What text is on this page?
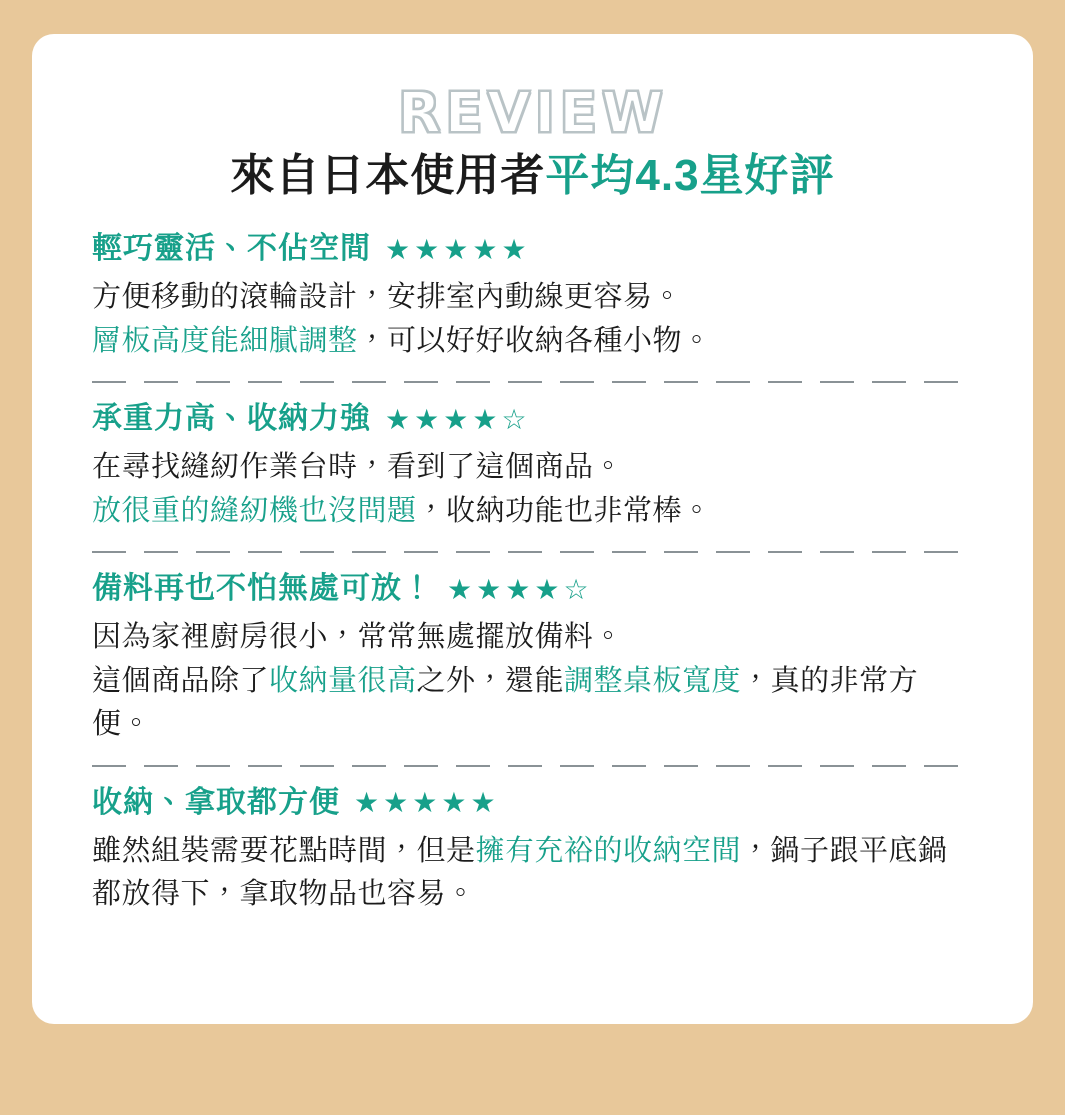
REVIEW
來自日本使用者平均4.3星好評
輕巧靈活、不佔空間 ★ ★ ★ ★ ★
方便移動的滾輪設計，安排室內動線更容易。
層板高度能細膩調整，可以好好收納各種小物。
承重力高、收納力強 ★ ★ ★ ★ ☆
在尋找縫紉作業台時，看到了這個商品。
放很重的縫紉機也沒問題，收納功能也非常棒。
備料再也不怕無處可放！ ★ ★ ★ ★ ☆
因為家裡廚房很小，常常無處擺放備料。
這個商品除了收納量很高之外，還能調整桌板寬度，真的非常方便。
收納、拿取都方便 ★ ★ ★ ★ ★
雖然組裝需要花點時間，但是擁有充裕的收納空間，鍋子跟平底鍋都放得下，拿取物品也容易。
